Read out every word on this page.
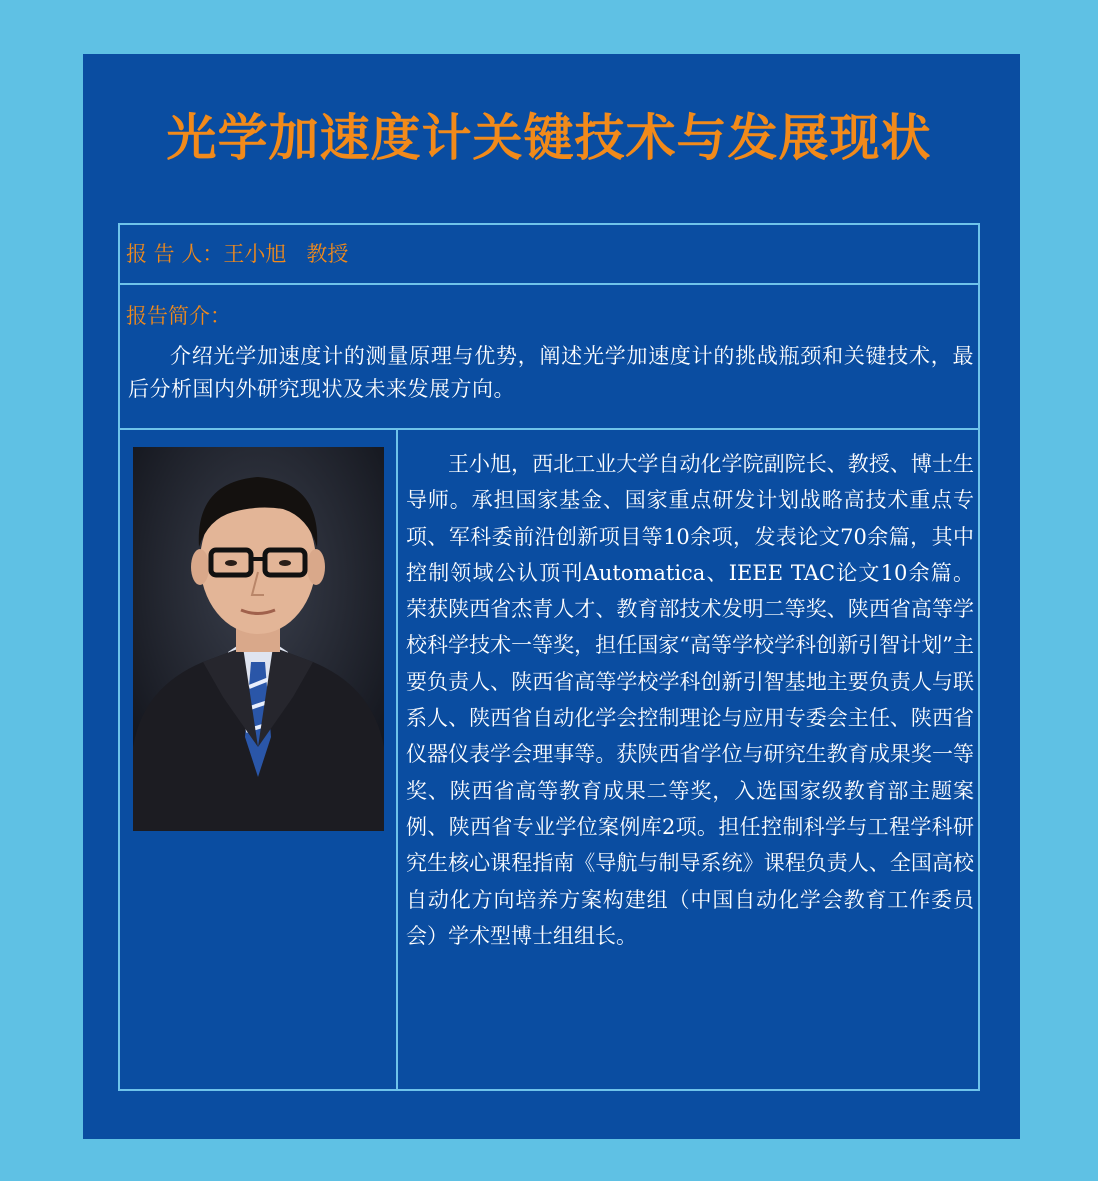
光学加速度计关键技术与发展现状
报 告 人：王小旭   教授
报告简介：

介绍光学加速度计的测量原理与优势，阐述光学加速度计的挑战瓶颈和关键技术，最后分析国内外研究现状及未来发展方向。

王小旭，西北工业大学自动化学院副院长、教授、博士生导师。承担国家基金、国家重点研发计划战略高技术重点专项、军科委前沿创新项目等10余项，发表论文70余篇，其中控制领域公认顶刊Automatica、IEEE TAC论文10余篇。荣获陕西省杰青人才、教育部技术发明二等奖、陕西省高等学校科学技术一等奖，担任国家“高等学校学科创新引智计划”主要负责人、陕西省高等学校学科创新引智基地主要负责人与联系人、陕西省自动化学会控制理论与应用专委会主任、陕西省仪器仪表学会理事等。获陕西省学位与研究生教育成果奖一等奖、陕西省高等教育成果二等奖，入选国家级教育部主题案例、陕西省专业学位案例库2项。担任控制科学与工程学科研究生核心课程指南《导航与制导系统》课程负责人、全国高校自动化方向培养方案构建组（中国自动化学会教育工作委员会）学术型博士组组长。
